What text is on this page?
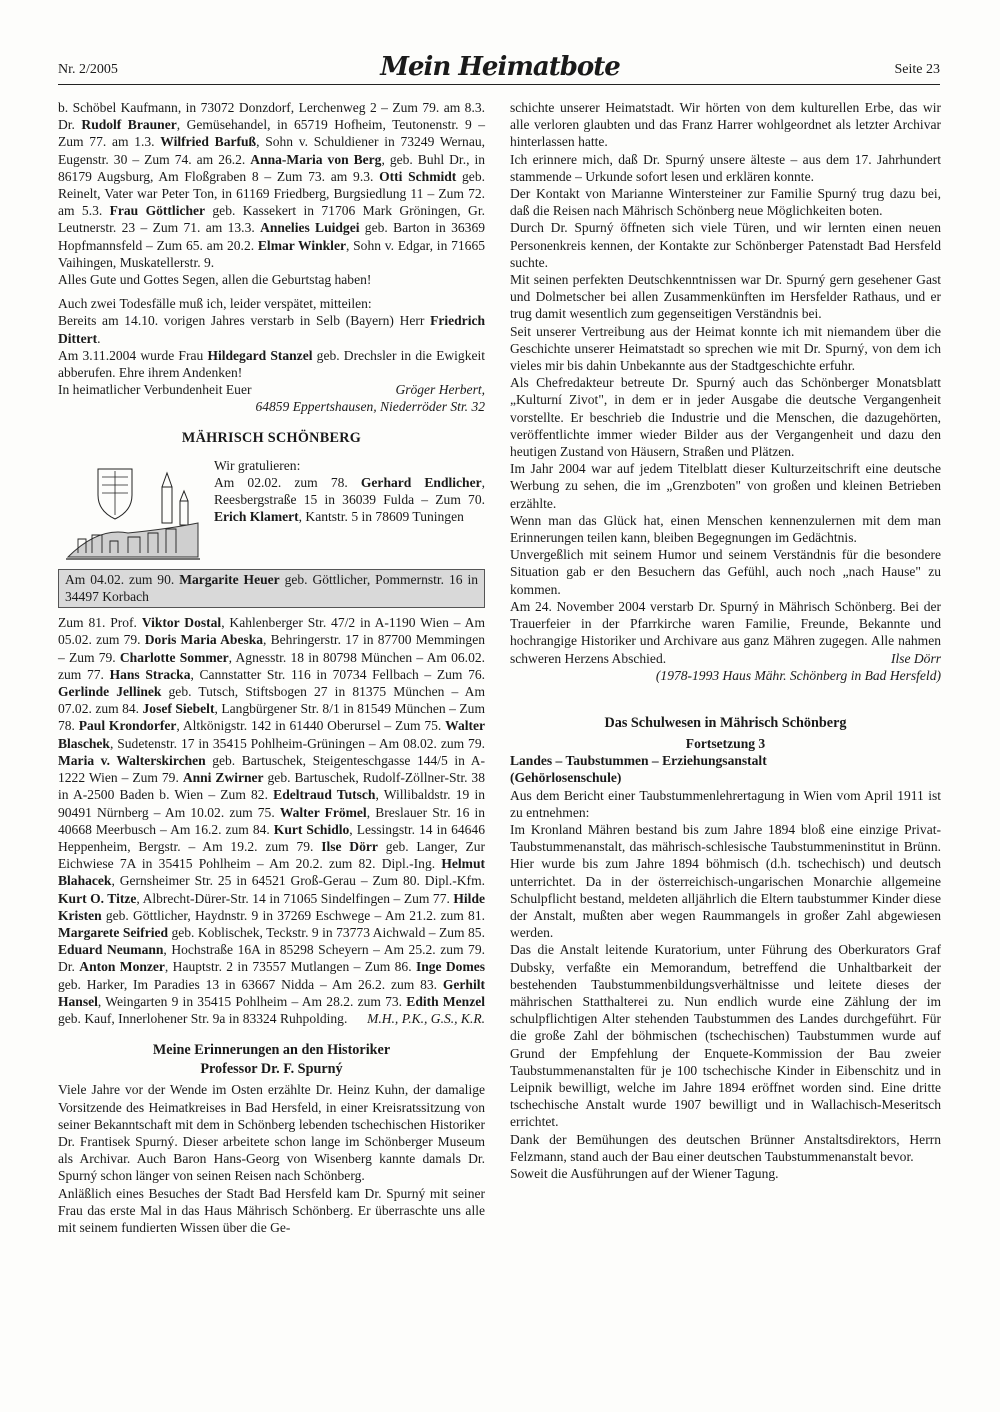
Nr. 2/2005	Mein Heimatbote	Seite 23

b. Schöbel Kaufmann, in 73072 Donzdorf, Lerchenweg 2 – Zum 79. am 8.3. Dr. Rudolf Brauner, Gemüsehandel, in 65719 Hofheim, Teutonenstr. 9 – Zum 77. am 1.3. Wilfried Barfuß, Sohn v. Schuldiener in 73249 Wernau, Eugenstr. 30 – Zum 74. am 26.2. Anna-Maria von Berg, geb. Buhl Dr., in 86179 Augsburg, Am Floßgraben 8 – Zum 73. am 9.3. Otti Schmidt geb. Reinelt, Vater war Peter Ton, in 61169 Friedberg, Burgsiedlung 11 – Zum 72. am 5.3. Frau Göttlicher geb. Kassekert in 71706 Mark Gröningen, Gr. Leutnerstr. 23 – Zum 71. am 13.3. Annelies Luidgei geb. Barton in 36369 Hopfmannsfeld – Zum 65. am 20.2. Elmar Winkler, Sohn v. Edgar, in 71665 Vaihingen, Muskatellerstr. 9.

Alles Gute und Gottes Segen, allen die Geburtstag haben!

Auch zwei Todesfälle muß ich, leider verspätet, mitteilen:

Bereits am 14.10. vorigen Jahres verstarb in Selb (Bayern) Herr Friedrich Dittert.

Am 3.11.2004 wurde Frau Hildegard Stanzel geb. Drechsler in die Ewigkeit abberufen. Ehre ihrem Andenken!

In heimatlicher Verbundenheit Euer	Gröger Herbert,

64859 Eppertshausen, Niederröder Str. 32

MÄHRISCH SCHÖNBERG

Wir gratulieren:

Am 02.02. zum 78. Gerhard Endlicher, Reesbergstraße 15 in 36039 Fulda – Zum 70. Erich Klamert, Kantstr. 5 in 78609 Tuningen

Am 04.02. zum 90. Margarite Heuer geb. Göttlicher, Pommernstr. 16 in 34497 Korbach

Zum 81. Prof. Viktor Dostal, Kahlenberger Str. 47/2 in A-1190 Wien – Am 05.02. zum 79. Doris Maria Abeska, Behringerstr. 17 in 87700 Memmingen – Zum 79. Charlotte Sommer, Agnesstr. 18 in 80798 München – Am 06.02. zum 77. Hans Stracka, Cannstatter Str. 116 in 70734 Fellbach – Zum 76. Gerlinde Jellinek geb. Tutsch, Stiftsbogen 27 in 81375 München – Am 07.02. zum 84. Josef Siebelt, Langbürgener Str. 8/1 in 81549 München – Zum 78. Paul Krondorfer, Altkönigstr. 142 in 61440 Oberursel – Zum 75. Walter Blaschek, Sudetenstr. 17 in 35415 Pohlheim-Grüningen – Am 08.02. zum 79. Maria v. Walterskirchen geb. Bartuschek, Steigenteschgasse 144/5 in A-1222 Wien – Zum 79. Anni Zwirner geb. Bartuschek, Rudolf-Zöllner-Str. 38 in A-2500 Baden b. Wien – Zum 82. Edeltraud Tutsch, Willibaldstr. 19 in 90491 Nürnberg – Am 10.02. zum 75. Walter Frömel, Breslauer Str. 16 in 40668 Meerbusch – Am 16.2. zum 84. Kurt Schidlo, Lessingstr. 14 in 64646 Heppenheim, Bergstr. – Am 19.2. zum 79. Ilse Dörr geb. Langer, Zur Eichwiese 7A in 35415 Pohlheim – Am 20.2. zum 82. Dipl.-Ing. Helmut Blahacek, Gernsheimer Str. 25 in 64521 Groß-Gerau – Zum 80. Dipl.-Kfm. Kurt O. Titze, Albrecht-Dürer-Str. 14 in 71065 Sindelfingen – Zum 77. Hilde Kristen geb. Göttlicher, Haydnstr. 9 in 37269 Eschwege – Am 21.2. zum 81. Margarete Seifried geb. Koblischek, Teckstr. 9 in 73773 Aichwald – Zum 85. Eduard Neumann, Hochstraße 16A in 85298 Scheyern – Am 25.2. zum 79. Dr. Anton Monzer, Hauptstr. 2 in 73557 Mutlangen – Zum 86. Inge Domes geb. Harker, Im Paradies 13 in 63667 Nidda – Am 26.2. zum 83. Gerhilt Hansel, Weingarten 9 in 35415 Pohlheim – Am 28.2. zum 73. Edith Menzel geb. Kauf, Innerlohener Str. 9a in 83324 Ruhpolding.	M.H., P.K., G.S., K.R.

Meine Erinnerungen an den Historiker
Professor Dr. F. Spurný

Viele Jahre vor der Wende im Osten erzählte Dr. Heinz Kuhn, der damalige Vorsitzende des Heimatkreises in Bad Hersfeld, in einer Kreisratssitzung von seiner Bekanntschaft mit dem in Schönberg lebenden tschechischen Historiker Dr. Frantisek Spurný. Dieser arbeitete schon lange im Schönberger Museum als Archivar. Auch Baron Hans-Georg von Wisenberg kannte damals Dr. Spurný schon länger von seinen Reisen nach Schönberg.

Anläßlich eines Besuches der Stadt Bad Hersfeld kam Dr. Spurný mit seiner Frau das erste Mal in das Haus Mährisch Schönberg. Er überraschte uns alle mit seinem fundierten Wissen über die Ge-

schichte unserer Heimatstadt. Wir hörten von dem kulturellen Erbe, das wir alle verloren glaubten und das Franz Harrer wohlgeordnet als letzter Archivar hinterlassen hatte.

Ich erinnere mich, daß Dr. Spurný unsere älteste – aus dem 17. Jahrhundert stammende – Urkunde sofort lesen und erklären konnte.

Der Kontakt von Marianne Wintersteiner zur Familie Spurný trug dazu bei, daß die Reisen nach Mährisch Schönberg neue Möglichkeiten boten.

Durch Dr. Spurný öffneten sich viele Türen, und wir lernten einen neuen Personenkreis kennen, der Kontakte zur Schönberger Patenstadt Bad Hersfeld suchte.

Mit seinen perfekten Deutschkenntnissen war Dr. Spurný gern gesehener Gast und Dolmetscher bei allen Zusammenkünften im Hersfelder Rathaus, und er trug damit wesentlich zum gegenseitigen Verständnis bei.

Seit unserer Vertreibung aus der Heimat konnte ich mit niemandem über die Geschichte unserer Heimatstadt so sprechen wie mit Dr. Spurný, von dem ich vieles mir bis dahin Unbekannte aus der Stadtgeschichte erfuhr.

Als Chefredakteur betreute Dr. Spurný auch das Schönberger Monatsblatt „Kulturní Zivot", in dem er in jeder Ausgabe die deutsche Vergangenheit vorstellte. Er beschrieb die Industrie und die Menschen, die dazugehörten, veröffentlichte immer wieder Bilder aus der Vergangenheit und dazu den heutigen Zustand von Häusern, Straßen und Plätzen.

Im Jahr 2004 war auf jedem Titelblatt dieser Kulturzeitschrift eine deutsche Werbung zu sehen, die im „Grenzboten" von großen und kleinen Betrieben erzählte.

Wenn man das Glück hat, einen Menschen kennenzulernen mit dem man Erinnerungen teilen kann, bleiben Begegnungen im Gedächtnis.

Unvergeßlich mit seinem Humor und seinem Verständnis für die besondere Situation gab er den Besuchern das Gefühl, auch noch „nach Hause" zu kommen.

Am 24. November 2004 verstarb Dr. Spurný in Mährisch Schönberg. Bei der Trauerfeier in der Pfarrkirche waren Familie, Freunde, Bekannte und hochrangige Historiker und Archivare aus ganz Mähren zugegen. Alle nahmen schweren Herzens Abschied.	Ilse Dörr

(1978-1993 Haus Mähr. Schönberg in Bad Hersfeld)

Das Schulwesen in Mährisch Schönberg

Fortsetzung 3

Landes – Taubstummen – Erziehungsanstalt
(Gehörlosenschule)

Aus dem Bericht einer Taubstummenlehrertagung in Wien vom April 1911 ist zu entnehmen:

Im Kronland Mähren bestand bis zum Jahre 1894 bloß eine einzige Privat-Taubstummenanstalt, das mährisch-schlesische Taubstummeninstitut in Brünn. Hier wurde bis zum Jahre 1894 böhmisch (d.h. tschechisch) und deutsch unterrichtet. Da in der österreichisch-ungarischen Monarchie allgemeine Schulpflicht bestand, meldeten alljährlich die Eltern taubstummer Kinder diese der Anstalt, mußten aber wegen Raummangels in großer Zahl abgewiesen werden.

Das die Anstalt leitende Kuratorium, unter Führung des Oberkurators Graf Dubsky, verfaßte ein Memorandum, betreffend die Unhaltbarkeit der bestehenden Taubstummenbildungsverhältnisse und leitete dieses der mährischen Statthalterei zu. Nun endlich wurde eine Zählung der im schulpflichtigen Alter stehenden Taubstummen des Landes durchgeführt. Für die große Zahl der böhmischen (tschechischen) Taubstummen wurde auf Grund der Empfehlung der Enquete-Kommission der Bau zweier Taubstummenanstalten für je 100 tschechische Kinder in Eibenschitz und in Leipnik bewilligt, welche im Jahre 1894 eröffnet worden sind. Eine dritte tschechische Anstalt wurde 1907 bewilligt und in Wallachisch-Meseritsch errichtet.

Dank der Bemühungen des deutschen Brünner Anstaltsdirektors, Herrn Felzmann, stand auch der Bau einer deutschen Taubstummenanstalt bevor.

Soweit die Ausführungen auf der Wiener Tagung.
